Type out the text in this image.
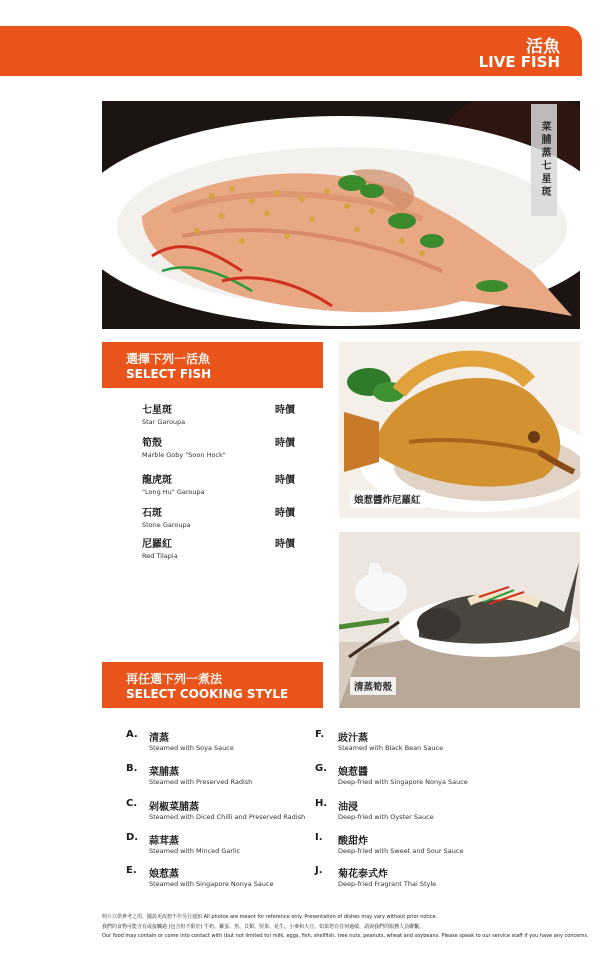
活魚
LIVE FISH
菜脯蒸七星斑
選擇下列一活魚
SELECT FISH
七星斑
Star Garoupa
時價
筍殼
Marble Goby "Soon Hock"
時價
龍虎斑
"Long Hu" Garoupa
時價
石斑
Stone Garoupa
時價
尼羅紅
Red Tilapia
時價
娘惹醬炸尼羅紅
清蒸筍殼
再任選下列一煮法
SELECT COOKING STYLE
A. 清蒸
Steamed with Soya Sauce
B. 菜脯蒸
Steamed with Preserved Radish
C. 剁椒菜脯蒸
Steamed with Diced Chilli and Preserved Radish
D. 蒜茸蒸
Steamed with Minced Garlic
E. 娘惹蒸
Steamed with Singapore Nonya Sauce
F. 豉汁蒸
Steamed with Black Bean Sauce
G. 娘惹醬
Deep-fried with Singapore Nonya Sauce
H. 油浸
Deep-fried with Oyster Sauce
I. 酸甜炸
Deep-fried with Sweet and Sour Sauce
J. 菊花泰式炸
Deep-fried Fragrant Thai Style
照片只供參考之用，擺設更改恕不作另行通知 All photos are meant for reference only. Presentation of dishes may vary without prior notice.
我們的食物可能含有或接觸過 (包含但不限於) 牛奶、雞蛋、魚、貝類、堅果、花生、小麥和大豆。如果您有任何過敏，請與我們的服務人員聯繫。
Our food may contain or come into contact with (but not limited to) milk, eggs, fish, shellfish, tree nuts, peanuts, wheat and soybeans. Please speak to our service staff if you have any concerns.
